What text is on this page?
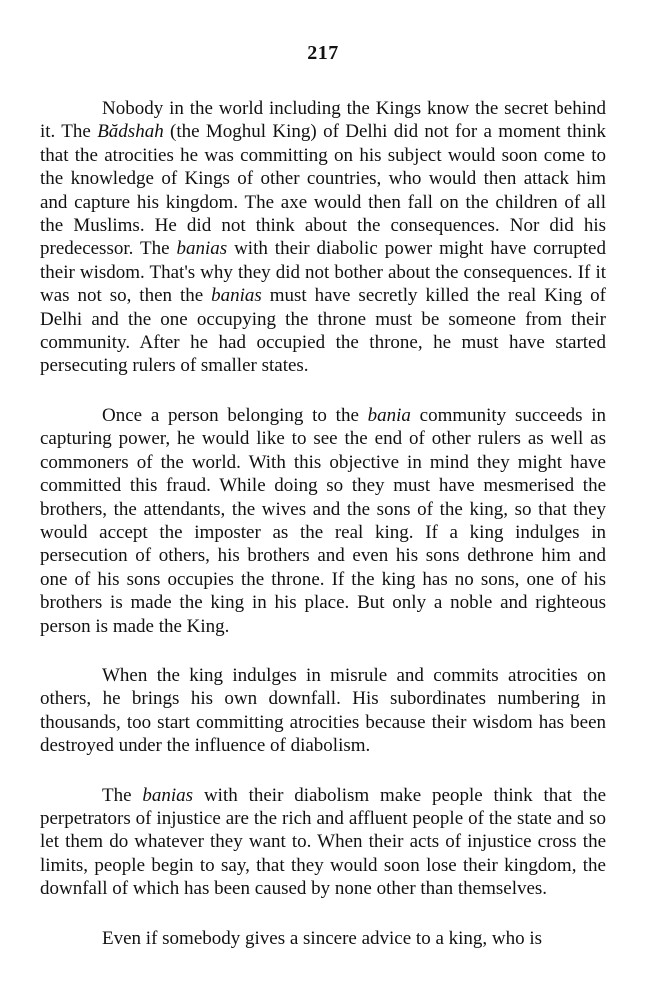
217

Nobody in the world including the Kings know the secret behind it. The Bădshah (the Moghul King) of Delhi did not for a moment think that the atrocities he was committing on his subject would soon come to the knowledge of Kings of other countries, who would then attack him and capture his kingdom. The axe would then fall on the children of all the Muslims. He did not think about the consequences. Nor did his predecessor. The banias with their diabolic power might have corrupted their wisdom. That's why they did not bother about the consequences. If it was not so, then the banias must have secretly killed the real King of Delhi and the one occupying the throne must be someone from their community. After he had occupied the throne, he must have started persecuting rulers of smaller states.

Once a person belonging to the bania community succeeds in capturing power, he would like to see the end of other rulers as well as commoners of the world. With this objective in mind they might have committed this fraud. While doing so they must have mesmerised the brothers, the attendants, the wives and the sons of the king, so that they would accept the imposter as the real king. If a king indulges in persecution of others, his brothers and even his sons dethrone him and one of his sons occupies the throne. If the king has no sons, one of his brothers is made the king in his place. But only a noble and righteous person is made the King.

When the king indulges in misrule and commits atrocities on others, he brings his own downfall. His subordinates numbering in thousands, too start committing atrocities because their wisdom has been destroyed under the influence of diabolism.

The banias with their diabolism make people think that the perpetrators of injustice are the rich and affluent people of the state and so let them do whatever they want to. When their acts of injustice cross the limits, people begin to say, that they would soon lose their kingdom, the downfall of which has been caused by none other than themselves.

Even if somebody gives a sincere advice to a king, who is
